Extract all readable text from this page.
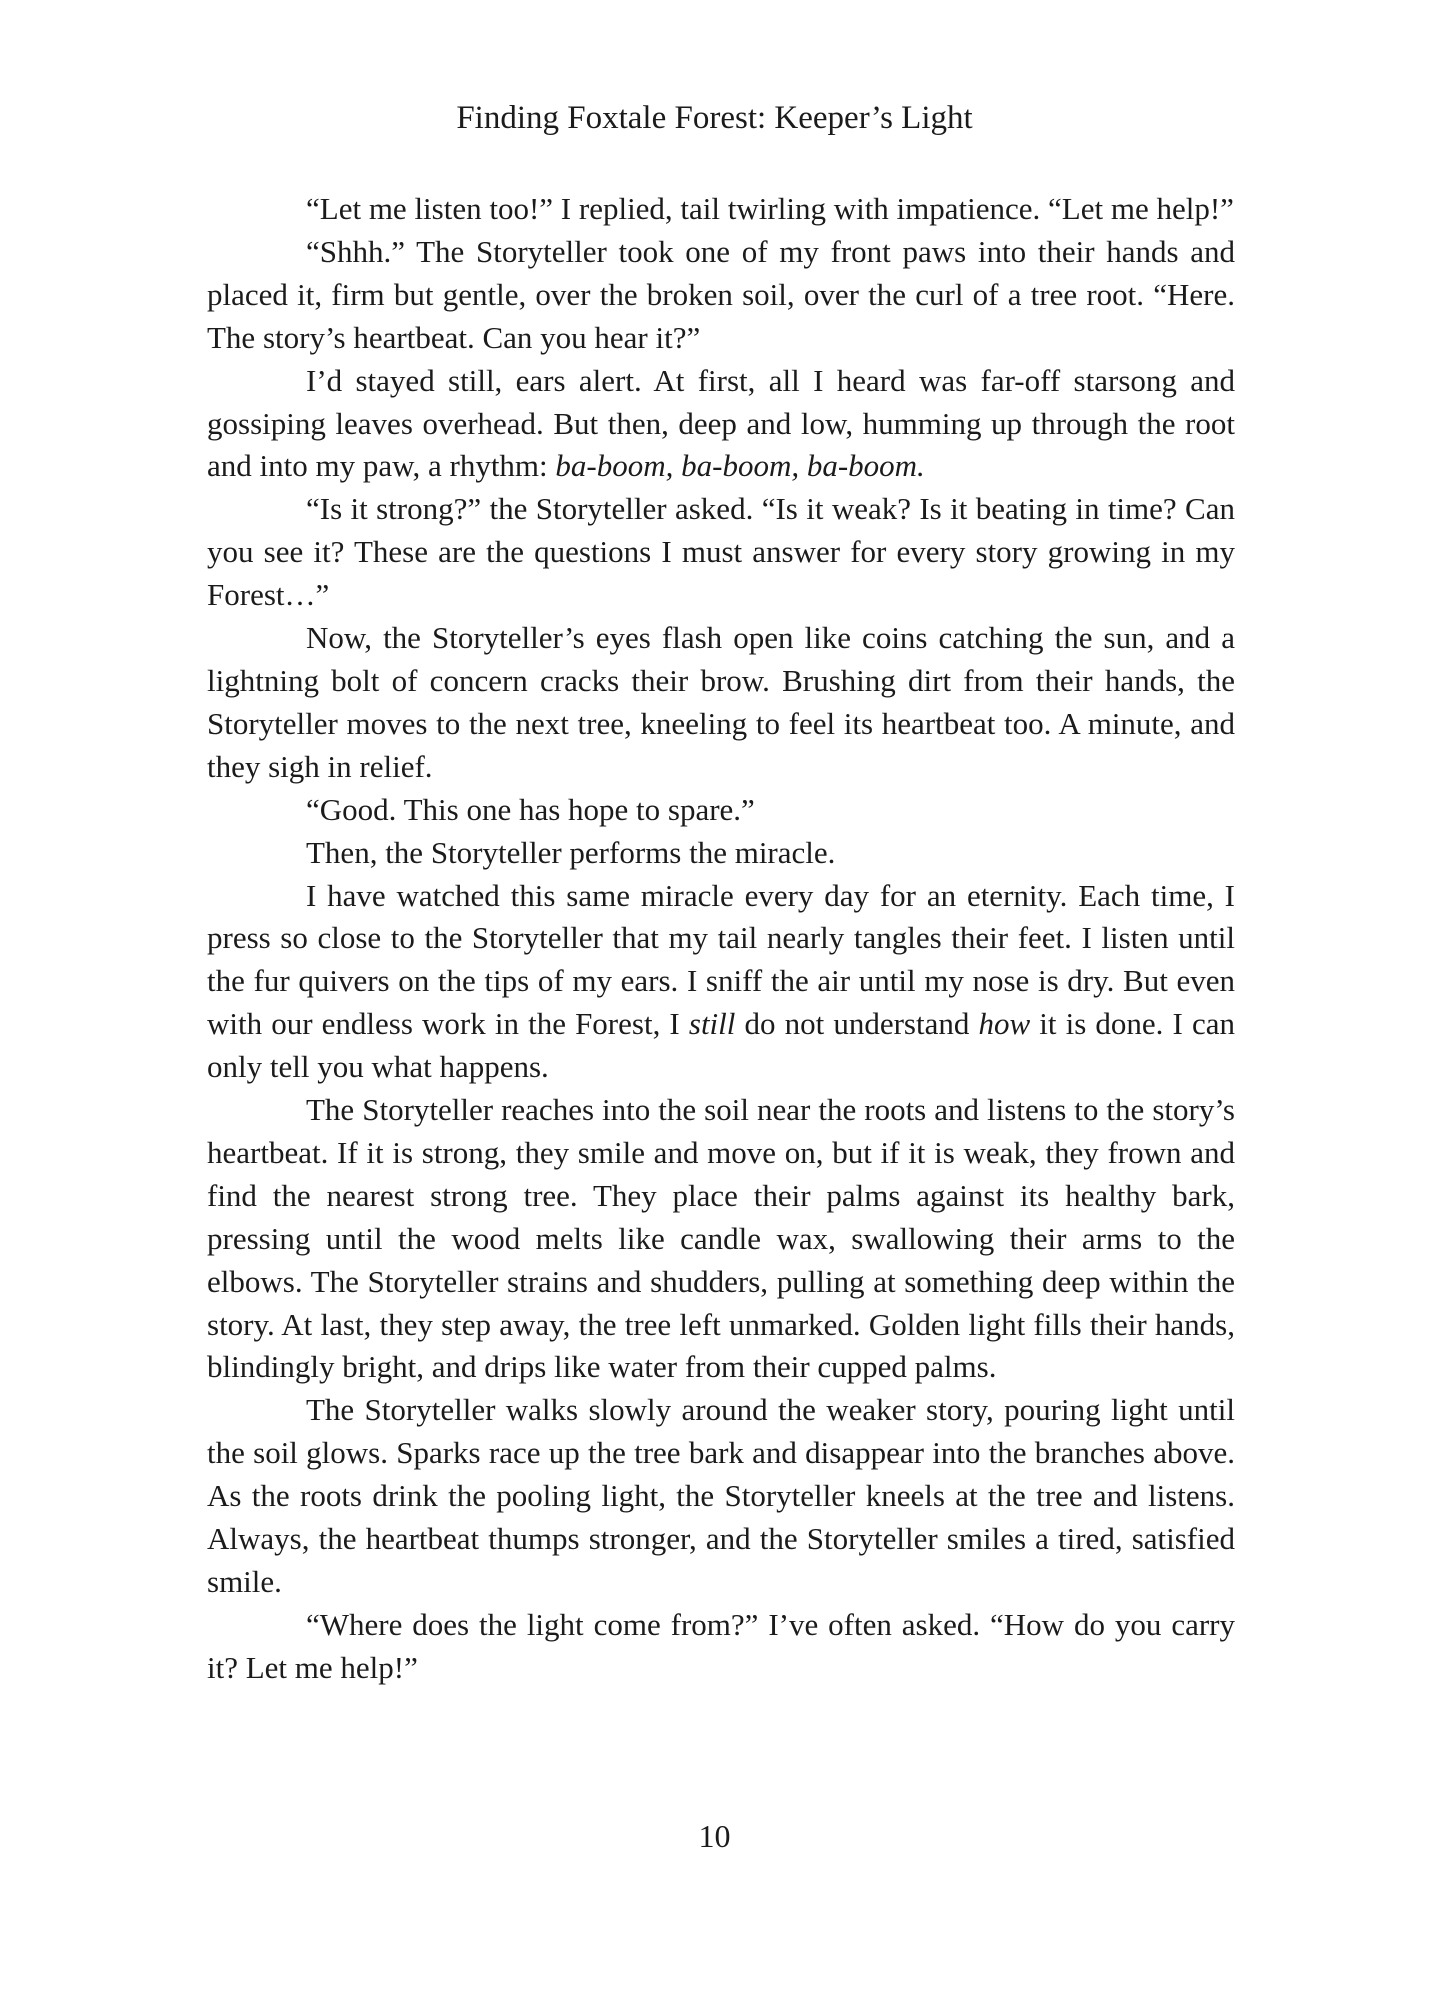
Finding Foxtale Forest: Keeper’s Light

“Let me listen too!” I replied, tail twirling with impatience. “Let me help!”

“Shhh.” The Storyteller took one of my front paws into their hands and placed it, firm but gentle, over the broken soil, over the curl of a tree root. “Here. The story’s heartbeat. Can you hear it?”

I’d stayed still, ears alert. At first, all I heard was far-off starsong and gossiping leaves overhead. But then, deep and low, humming up through the root and into my paw, a rhythm: ba-boom, ba-boom, ba-boom.

“Is it strong?” the Storyteller asked. “Is it weak? Is it beating in time? Can you see it? These are the questions I must answer for every story growing in my Forest…”

Now, the Storyteller’s eyes flash open like coins catching the sun, and a lightning bolt of concern cracks their brow. Brushing dirt from their hands, the Storyteller moves to the next tree, kneeling to feel its heartbeat too. A minute, and they sigh in relief.

“Good. This one has hope to spare.”

Then, the Storyteller performs the miracle.

I have watched this same miracle every day for an eternity. Each time, I press so close to the Storyteller that my tail nearly tangles their feet. I listen until the fur quivers on the tips of my ears. I sniff the air until my nose is dry. But even with our endless work in the Forest, I still do not understand how it is done. I can only tell you what happens.

The Storyteller reaches into the soil near the roots and listens to the story’s heartbeat. If it is strong, they smile and move on, but if it is weak, they frown and find the nearest strong tree. They place their palms against its healthy bark, pressing until the wood melts like candle wax, swallowing their arms to the elbows. The Storyteller strains and shudders, pulling at something deep within the story. At last, they step away, the tree left unmarked. Golden light fills their hands, blindingly bright, and drips like water from their cupped palms.

The Storyteller walks slowly around the weaker story, pouring light until the soil glows. Sparks race up the tree bark and disappear into the branches above. As the roots drink the pooling light, the Storyteller kneels at the tree and listens. Always, the heartbeat thumps stronger, and the Storyteller smiles a tired, satisfied smile.

“Where does the light come from?” I’ve often asked. “How do you carry it? Let me help!”

10
